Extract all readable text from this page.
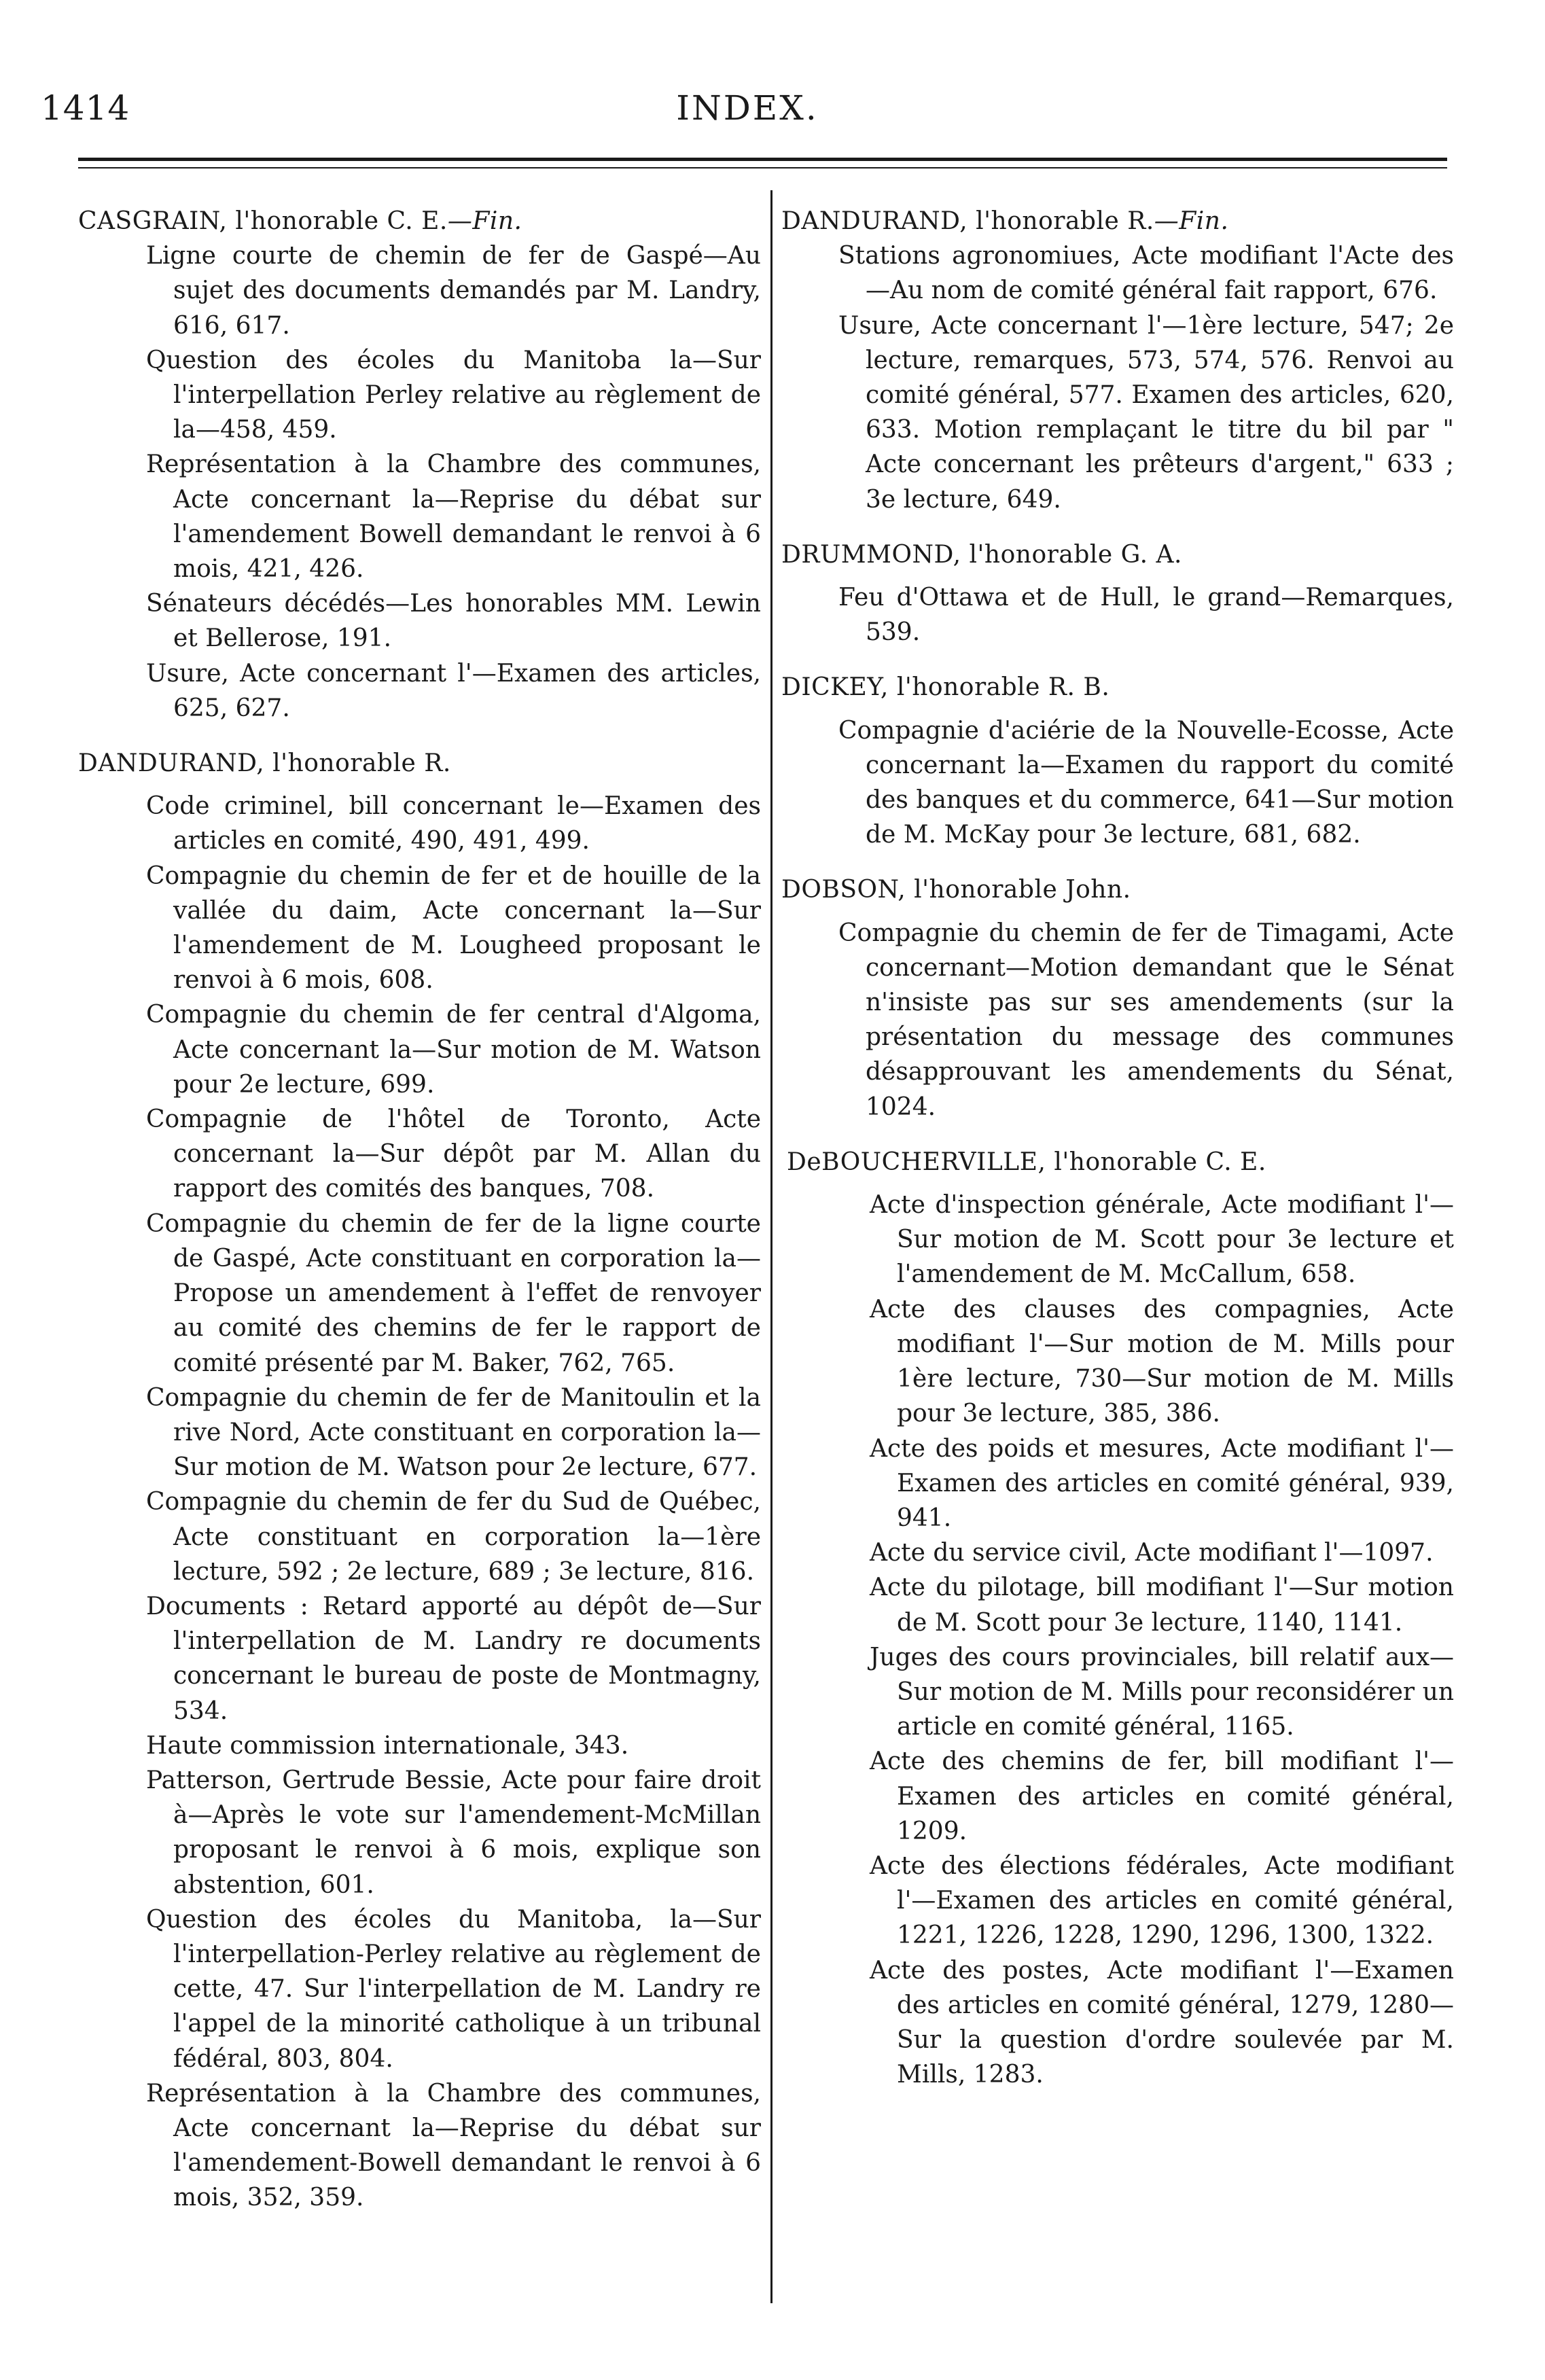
1414	INDEX.
CASGRAIN, l'honorable C. E.—Fin.

Ligne courte de chemin de fer de Gaspé—Au sujet des documents demandés par M. Landry, 616, 617.

Question des écoles du Manitoba la—Sur l'interpellation Perley relative au règlement de la—458, 459.

Représentation à la Chambre des communes, Acte concernant la—Reprise du débat sur l'amendement Bowell demandant le renvoi à 6 mois, 421, 426.

Sénateurs décédés—Les honorables MM. Lewin et Bellerose, 191.

Usure, Acte concernant l'—Examen des articles, 625, 627.

DANDURAND, l'honorable R.

Code criminel, bill concernant le—Examen des articles en comité, 490, 491, 499.

Compagnie du chemin de fer et de houille de la vallée du daim, Acte concernant la—Sur l'amendement de M. Lougheed proposant le renvoi à 6 mois, 608.

Compagnie du chemin de fer central d'Algoma, Acte concernant la—Sur motion de M. Watson pour 2e lecture, 699.

Compagnie de l'hôtel de Toronto, Acte concernant la—Sur dépôt par M. Allan du rapport des comités des banques, 708.

Compagnie du chemin de fer de la ligne courte de Gaspé, Acte constituant en corporation la—Propose un amendement à l'effet de renvoyer au comité des chemins de fer le rapport de comité présenté par M. Baker, 762, 765.

Compagnie du chemin de fer de Manitoulin et la rive Nord, Acte constituant en corporation la—Sur motion de M. Watson pour 2e lecture, 677.

Compagnie du chemin de fer du Sud de Québec, Acte constituant en corporation la—1ère lecture, 592 ; 2e lecture, 689 ; 3e lecture, 816.

Documents : Retard apporté au dépôt de—Sur l'interpellation de M. Landry re documents concernant le bureau de poste de Montmagny, 534.

Haute commission internationale, 343.

Patterson, Gertrude Bessie, Acte pour faire droit à—Après le vote sur l'amendement-McMillan proposant le renvoi à 6 mois, explique son abstention, 601.

Question des écoles du Manitoba, la—Sur l'interpellation-Perley relative au règlement de cette, 47. Sur l'interpellation de M. Landry re l'appel de la minorité catholique à un tribunal fédéral, 803, 804.

Représentation à la Chambre des communes, Acte concernant la—Reprise du débat sur l'amendement-Bowell demandant le renvoi à 6 mois, 352, 359.

DANDURAND, l'honorable R.—Fin.

Stations agronomiues, Acte modifiant l'Acte des—Au nom de comité général fait rapport, 676.

Usure, Acte concernant l'—1ère lecture, 547; 2e lecture, remarques, 573, 574, 576. Renvoi au comité général, 577. Examen des articles, 620, 633. Motion remplaçant le titre du bil par " Acte concernant les prêteurs d'argent," 633 ; 3e lecture, 649.

DRUMMOND, l'honorable G. A.

Feu d'Ottawa et de Hull, le grand—Remarques, 539.

DICKEY, l'honorable R. B.

Compagnie d'aciérie de la Nouvelle-Ecosse, Acte concernant la—Examen du rapport du comité des banques et du commerce, 641—Sur motion de M. McKay pour 3e lecture, 681, 682.

DOBSON, l'honorable John.

Compagnie du chemin de fer de Timagami, Acte concernant—Motion demandant que le Sénat n'insiste pas sur ses amendements (sur la présentation du message des communes désapprouvant les amendements du Sénat, 1024.

DeBOUCHERVILLE, l'honorable C. E.

Acte d'inspection générale, Acte modifiant l'—Sur motion de M. Scott pour 3e lecture et l'amendement de M. McCallum, 658.

Acte des clauses des compagnies, Acte modifiant l'—Sur motion de M. Mills pour 1ère lecture, 730—Sur motion de M. Mills pour 3e lecture, 385, 386.

Acte des poids et mesures, Acte modifiant l'—Examen des articles en comité général, 939, 941.

Acte du service civil, Acte modifiant l'—1097.

Acte du pilotage, bill modifiant l'—Sur motion de M. Scott pour 3e lecture, 1140, 1141.

Juges des cours provinciales, bill relatif aux—Sur motion de M. Mills pour reconsidérer un article en comité général, 1165.

Acte des chemins de fer, bill modifiant l'—Examen des articles en comité général, 1209.

Acte des élections fédérales, Acte modifiant l'—Examen des articles en comité général, 1221, 1226, 1228, 1290, 1296, 1300, 1322.

Acte des postes, Acte modifiant l'—Examen des articles en comité général, 1279, 1280—Sur la question d'ordre soulevée par M. Mills, 1283.
